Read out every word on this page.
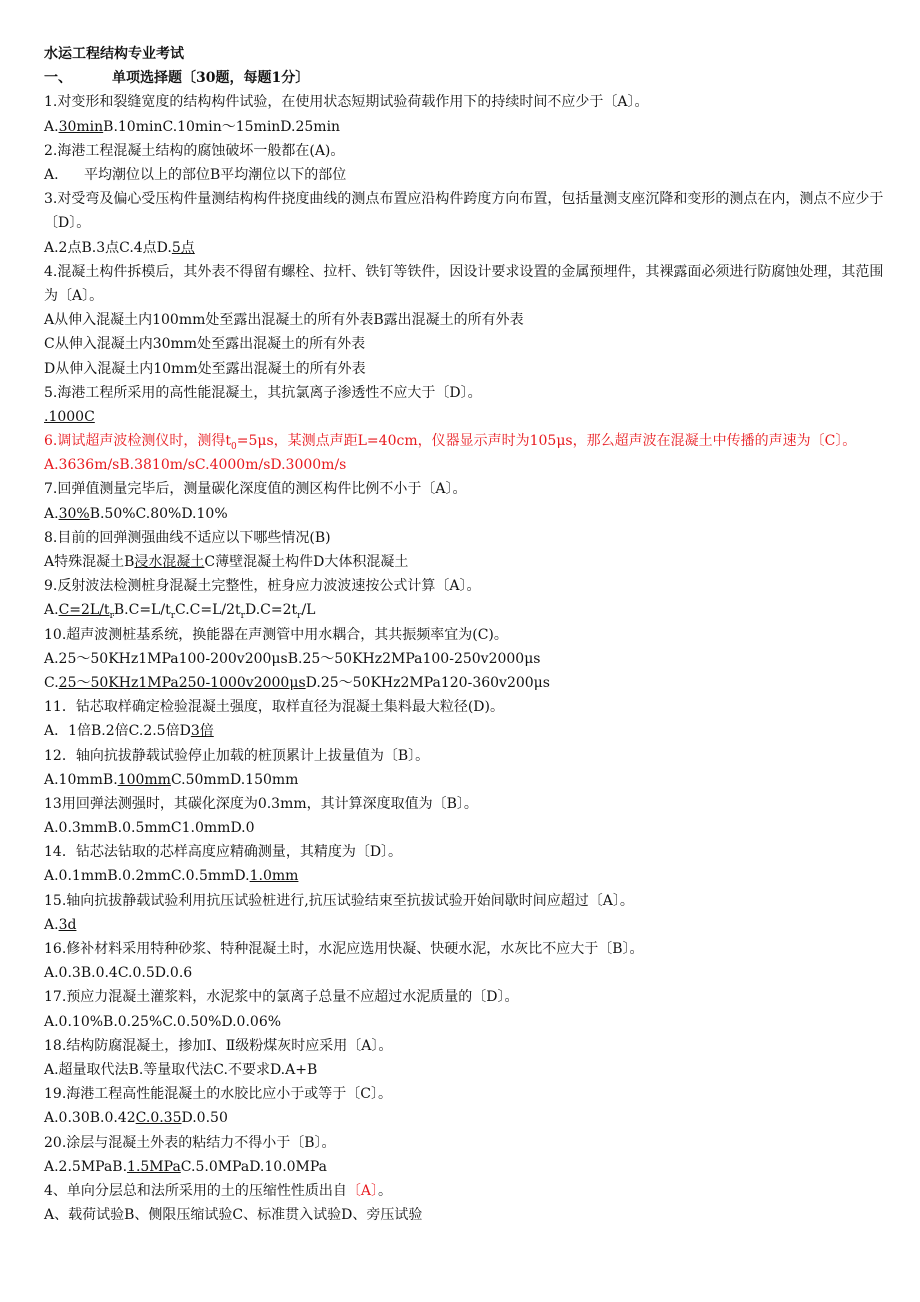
水运工程结构专业考试

一、	单项选择题〔30题，每题1分〕

1.对变形和裂缝宽度的结构构件试验，在使用状态短期试验荷载作用下的持续时间不应少于〔A〕。

A.30minB.10minC.10min～15minD.25min

2.海港工程混凝土结构的腐蚀破坏一般都在(A)。

A. 平均潮位以上的部位B平均潮位以下的部位

3.对受弯及偏心受压构件量测结构构件挠度曲线的测点布置应沿构件跨度方向布置，包括量测支座沉降和变形的测点在内，测点不应少于〔D〕。

A.2点B.3点C.4点D.5点

4.混凝土构件拆模后，其外表不得留有螺栓、拉杆、铁钉等铁件，因设计要求设置的金属预埋件，其裸露面必须进行防腐蚀处理，其范围为〔A〕。

A从伸入混凝土内100mm处至露出混凝土的所有外表B露出混凝土的所有外表

C从伸入混凝土内30mm处至露出混凝土的所有外表

D从伸入混凝土内10mm处至露出混凝土的所有外表

5.海港工程所采用的高性能混凝土，其抗氯离子渗透性不应大于〔D〕。

.1000C

6.调试超声波检测仪时，测得$t_0=5\mu s$，某测点声距L=40cm，仪器显示声时为105μs，那么超声波在混凝土中传播的声速为〔C〕。

A.3636m/sB.3810m/sC.4000m/sD.3000m/s

7.回弹值测量完毕后，测量碳化深度值的测区构件比例不小于〔A〕。

A.30%B.50%C.80%D.10%

8.目前的回弹测强曲线不适应以下哪些情况(B)

A特殊混凝土B浸水混凝土C薄壁混凝土构件D大体积混凝土

9.反射波法检测桩身混凝土完整性，桩身应力波波速按公式计算〔A〕。

$A.C=2L/t_rB.C=L/t_rC.C=L/2t_rD.C=2t_r/L$

10.超声波测桩基系统，换能器在声测管中用水耦合，其共振频率宜为(C)。

A.25～50KHz1MPa100-200v200μsB.25～50KHz2MPa100-250v2000μs

C.25～50KHz1MPa250-1000v2000μsD.25～50KHz2MPa120-360v200μs

11．钻芯取样确定检验混凝土强度，取样直径为混凝土集料最大粒径(D)。

A．1倍B.2倍C.2.5倍D3倍

12．轴向抗拔静载试验停止加载的桩顶累计上拔量值为〔B〕。

A.10mmB.100mmC.50mmD.150mm

13用回弹法测强时，其碳化深度为0.3mm，其计算深度取值为〔B〕。

A.0.3mmB.0.5mmC1.0mmD.0

14．钻芯法钻取的芯样高度应精确测量，其精度为〔D〕。

A.0.1mmB.0.2mmC.0.5mmD.1.0mm

15.轴向抗拔静载试验利用抗压试验桩进行,抗压试验结束至抗拔试验开始间歇时间应超过〔A〕。

A.3d

16.修补材料采用特种砂浆、特种混凝土时，水泥应选用快凝、快硬水泥，水灰比不应大于〔B〕。

A.0.3B.0.4C.0.5D.0.6

17.预应力混凝土灌浆料，水泥浆中的氯离子总量不应超过水泥质量的〔D〕。

A.0.10%B.0.25%C.0.50%D.0.06%

18.结构防腐混凝土，掺加Ⅰ、Ⅱ级粉煤灰时应采用〔A〕。

A.超量取代法B.等量取代法C.不要求D.A+B

19.海港工程高性能混凝土的水胶比应小于或等于〔C〕。

A.0.30B.0.42C.0.35D.0.50

20.涂层与混凝土外表的粘结力不得小于〔B〕。

A.2.5MPaB.1.5MPaC.5.0MPaD.10.0MPa

4、单向分层总和法所采用的土的压缩性性质出自〔A〕。

A、载荷试验B、侧限压缩试验C、标准贯入试验D、旁压试验
